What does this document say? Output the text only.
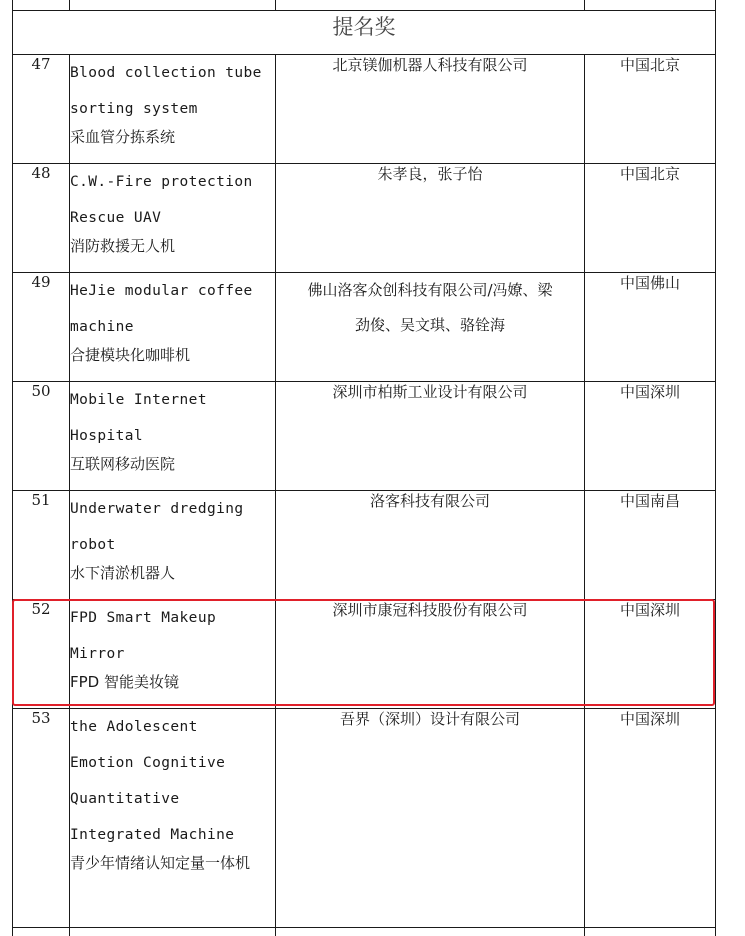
提名奖			
47	Blood collection tube
sorting system
采血管分拣系统	北京镁伽机器人科技有限公司	中国北京
48	C.W.-Fire protection
Rescue UAV
消防救援无人机	朱孝良，张子怡	中国北京
49	HeJie modular coffee
machine
合捷模块化咖啡机	佛山洛客众创科技有限公司/冯嫽、梁
劲俊、吴文琪、骆铨海	中国佛山
50	Mobile Internet
Hospital
互联网移动医院	深圳市柏斯工业设计有限公司	中国深圳
51	Underwater dredging
robot
水下清淤机器人	洛客科技有限公司	中国南昌
52	FPD Smart Makeup
Mirror
FPD 智能美妆镜	深圳市康冠科技股份有限公司	中国深圳
53	the Adolescent
Emotion Cognitive
Quantitative
Integrated Machine
青少年情绪认知定量一体机	吾界（深圳）设计有限公司	中国深圳
